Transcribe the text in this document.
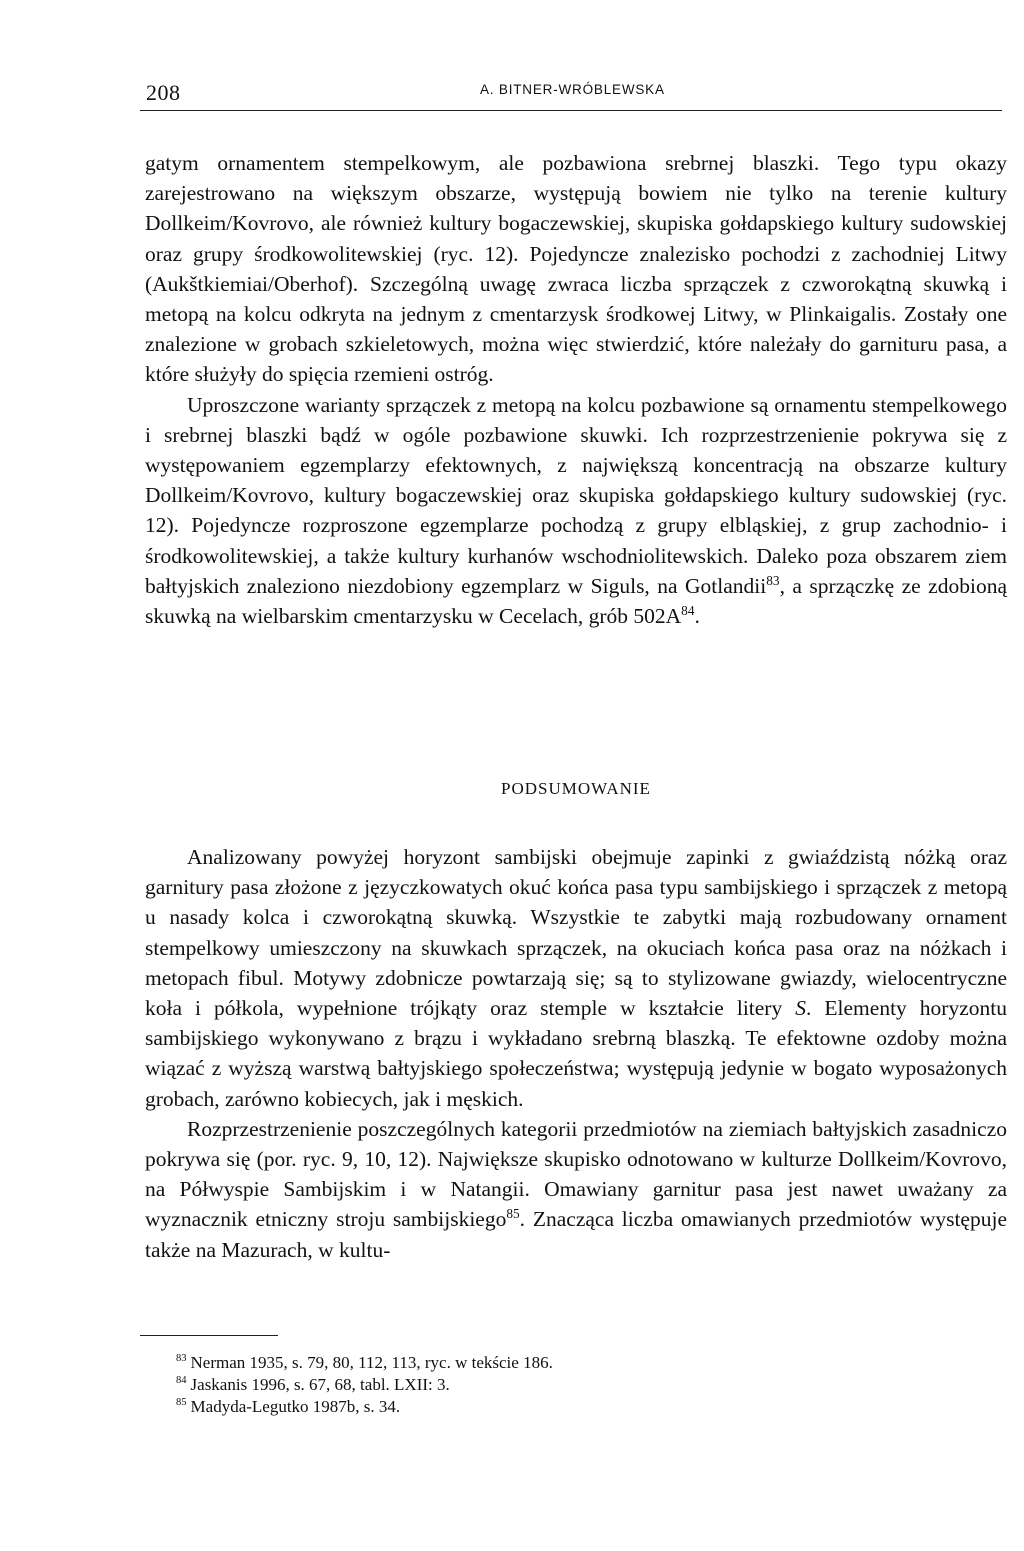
208	A. BITNER-WRÓBLEWSKA

gatym ornamentem stempelkowym, ale pozbawiona srebrnej blaszki. Tego typu okazy zarejestrowano na większym obszarze, występują bowiem nie tylko na terenie kultury Dollkeim/Kovrovo, ale również kultury bogaczewskiej, skupiska gołdapskiego kultury sudowskiej oraz grupy środkowolitewskiej (ryc. 12). Pojedyncze znalezisko pochodzi z zachodniej Litwy (Aukštkiemiai/Oberhof). Szczególną uwagę zwraca liczba sprzączek z czworokątną skuwką i metopą na kolcu odkryta na jednym z cmentarzysk środkowej Litwy, w Plinkaigalis. Zostały one znalezione w grobach szkieletowych, można więc stwierdzić, które należały do garnituru pasa, a które służyły do spięcia rzemieni ostróg.

Uproszczone warianty sprzączek z metopą na kolcu pozbawione są ornamentu stempelkowego i srebrnej blaszki bądź w ogóle pozbawione skuwki. Ich rozprzestrzenienie pokrywa się z występowaniem egzemplarzy efektownych, z największą koncentracją na obszarze kultury Dollkeim/Kovrovo, kultury bogaczewskiej oraz skupiska gołdapskiego kultury sudowskiej (ryc. 12). Pojedyncze rozproszone egzemplarze pochodzą z grupy elbląskiej, z grup zachodnio- i środkowolitewskiej, a także kultury kurhanów wschodniolitewskich. Daleko poza obszarem ziem bałtyjskich znaleziono niezdobiony egzemplarz w Siguls, na Gotlandii$^{83}$, a sprzączkę ze zdobioną skuwką na wielbarskim cmentarzysku w Cecelach, grób $502A^{84}$.

PODSUMOWANIE

Analizowany powyżej horyzont sambijski obejmuje zapinki z gwiaździstą nóżką oraz garnitury pasa złożone z języczkowatych okuć końca pasa typu sambijskiego i sprzączek z metopą u nasady kolca i czworokątną skuwką. Wszystkie te zabytki mają rozbudowany ornament stempelkowy umieszczony na skuwkach sprzączek, na okuciach końca pasa oraz na nóżkach i metopach fibul. Motywy zdobnicze powtarzają się; są to stylizowane gwiazdy, wielocentryczne koła i półkola, wypełnione trójkąty oraz stemple w kształcie litery S. Elementy horyzontu sambijskiego wykonywano z brązu i wykładano srebrną blaszką. Te efektowne ozdoby można wiązać z wyższą warstwą bałtyjskiego społeczeństwa; występują jedynie w bogato wyposażonych grobach, zarówno kobiecych, jak i męskich.

Rozprzestrzenienie poszczególnych kategorii przedmiotów na ziemiach bałtyjskich zasadniczo pokrywa się (por. ryc. 9, 10, 12). Największe skupisko odnotowano w kulturze Dollkeim/Kovrovo, na Półwyspie Sambijskim i w Natangii. Omawiany garnitur pasa jest nawet uważany za wyznacznik etniczny stroju sambijskiego$^{85}$. Znacząca liczba omawianych przedmiotów występuje także na Mazurach, w kultu-

$^{83}$ Nerman 1935, s. 79, 80, 112, 113, ryc. w tekście 186.
$^{84}$ Jaskanis 1996, s. 67, 68, tabl. LXII: 3.
$^{85}$ Madyda-Legutko 1987b, s. 34.
